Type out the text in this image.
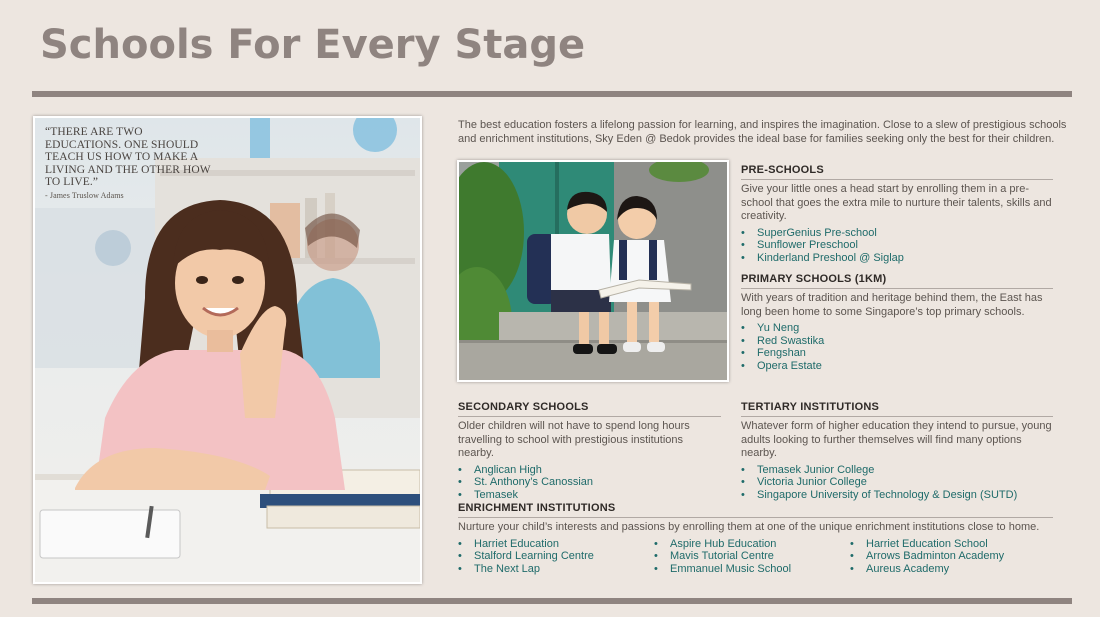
Schools For Every Stage
“THERE ARE TWO EDUCATIONS. ONE SHOULD TEACH US HOW TO MAKE A LIVING AND THE OTHER HOW TO LIVE.”
- James Truslow Adams

The best education fosters a lifelong passion for learning, and inspires the imagination. Close to a slew of prestigious schools and enrichment institutions, Sky Eden @ Bedok provides the ideal base for families seeking only the best for their children.

PRE-SCHOOLS

Give your little ones a head start by enrolling them in a pre-school that goes the extra mile to nurture their talents, skills and creativity.

• SuperGenius Pre-school
• Sunflower Preschool
• Kinderland Preshool @ Siglap
PRIMARY SCHOOLS (1KM)

With years of tradition and heritage behind them, the East has long been home to some Singapore’s top primary schools.

• Yu Neng
• Red Swastika
• Fengshan
• Opera Estate
SECONDARY SCHOOLS

Older children will not have to spend long hours travelling to school with prestigious institutions nearby.

• Anglican High
• St. Anthony’s Canossian
• Temasek
TERTIARY INSTITUTIONS

Whatever form of higher education they intend to pursue, young adults looking to further themselves will find many options nearby.

• Temasek Junior College
• Victoria Junior College
• Singapore University of Technology & Design (SUTD)
ENRICHMENT INSTITUTIONS

Nurture your child’s interests and passions by enrolling them at one of the unique enrichment institutions close to home.

• Harriet Education
• Stalford Learning Centre
• The Next Lap
• Aspire Hub Education
• Mavis Tutorial Centre
• Emmanuel Music School
• Harriet Education School
• Arrows Badminton Academy
• Aureus Academy
